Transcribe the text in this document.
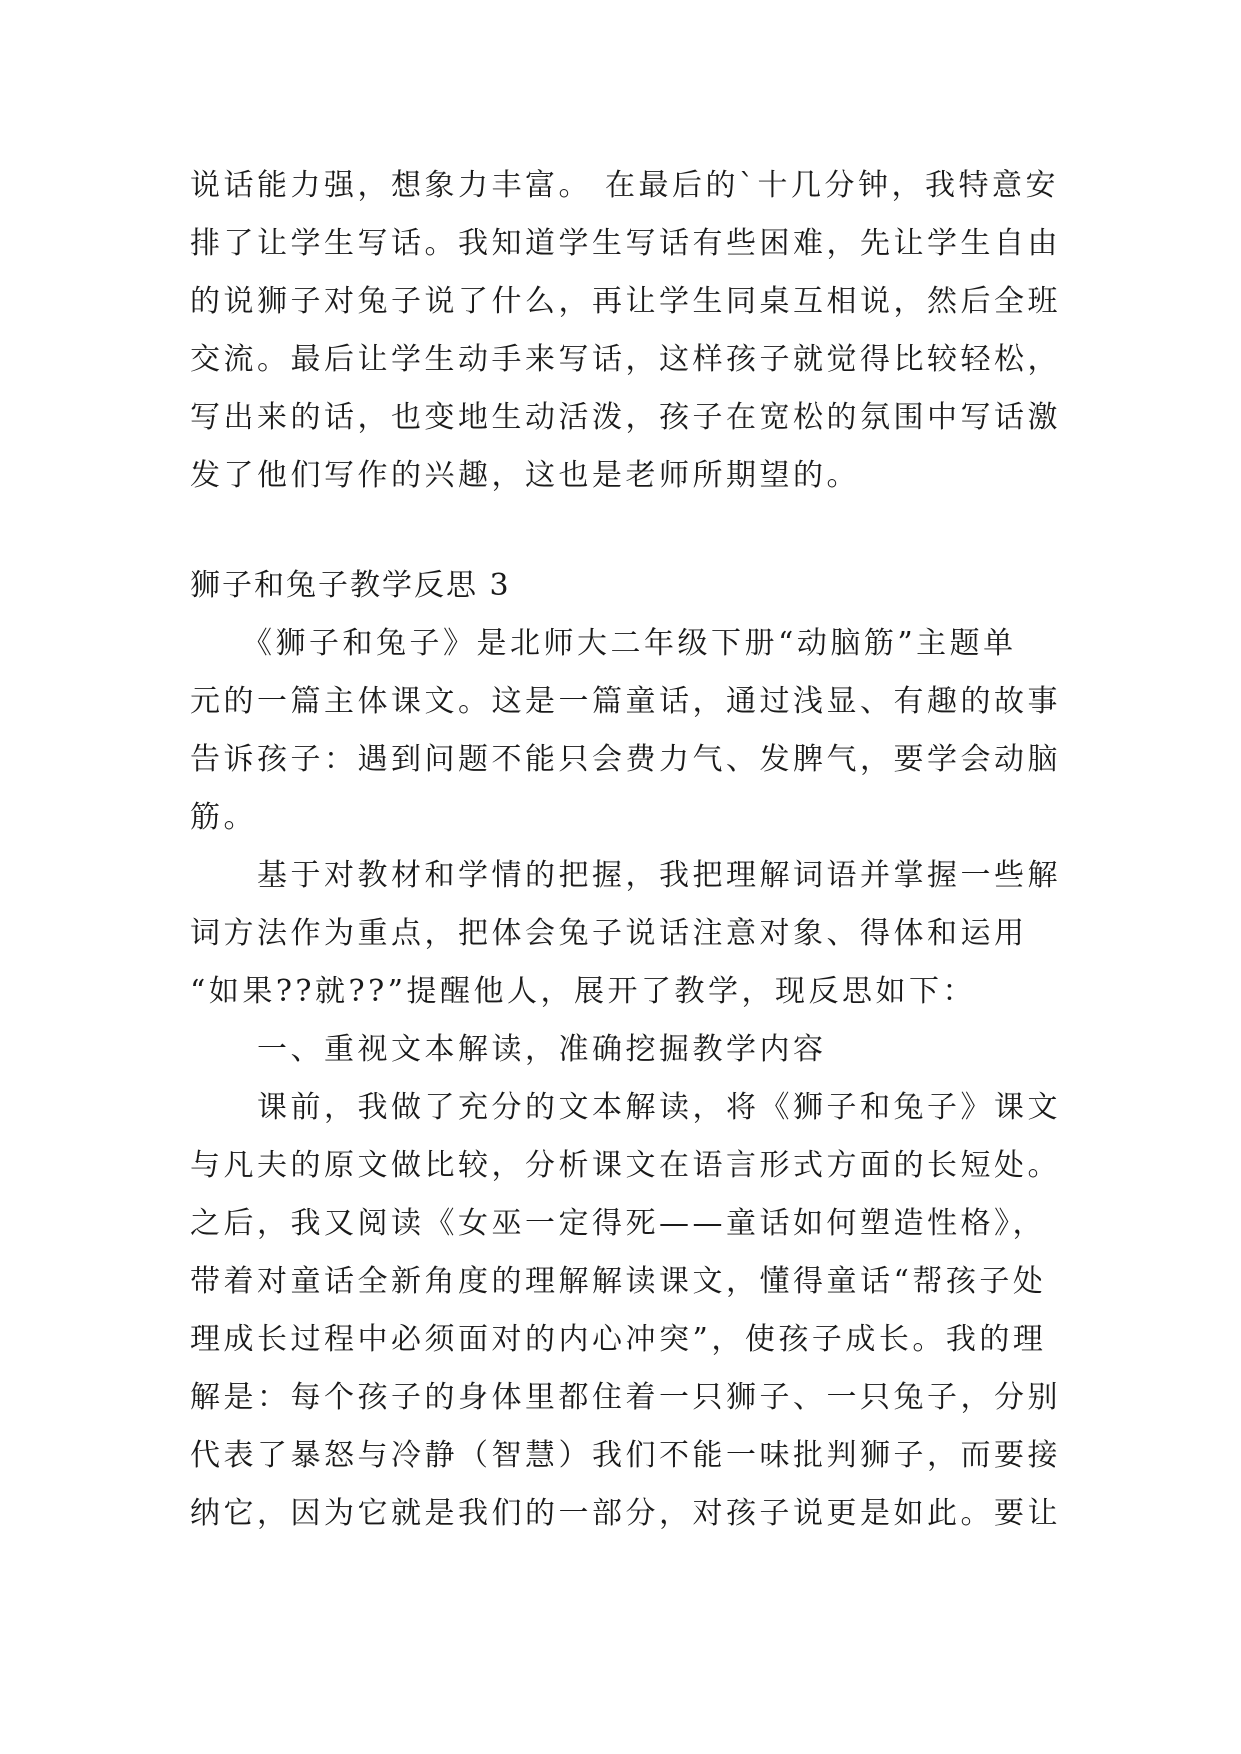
说话能力强，想象力丰富。 在最后的`十几分钟，我特意安
排了让学生写话。我知道学生写话有些困难，先让学生自由
的说狮子对兔子说了什么，再让学生同桌互相说，然后全班
交流。最后让学生动手来写话，这样孩子就觉得比较轻松，
写出来的话，也变地生动活泼，孩子在宽松的氛围中写话激
发了他们写作的兴趣，这也是老师所期望的。
狮子和兔子教学反思 3
　　《狮子和兔子》是北师大二年级下册“动脑筋”主题单
元的一篇主体课文。这是一篇童话，通过浅显、有趣的故事
告诉孩子：遇到问题不能只会费力气、发脾气，要学会动脑
筋。
　　基于对教材和学情的把握，我把理解词语并掌握一些解
词方法作为重点，把体会兔子说话注意对象、得体和运用
“如果??就??”提醒他人，展开了教学，现反思如下：
　　一、重视文本解读，准确挖掘教学内容
　　课前，我做了充分的文本解读，将《狮子和兔子》课文
与凡夫的原文做比较，分析课文在语言形式方面的长短处。
之后，我又阅读《女巫一定得死——童话如何塑造性格》，
带着对童话全新角度的理解解读课文，懂得童话“帮孩子处
理成长过程中必须面对的内心冲突”，使孩子成长。我的理
解是：每个孩子的身体里都住着一只狮子、一只兔子，分别
代表了暴怒与冷静（智慧）我们不能一味批判狮子，而要接
纳它，因为它就是我们的一部分，对孩子说更是如此。要让
